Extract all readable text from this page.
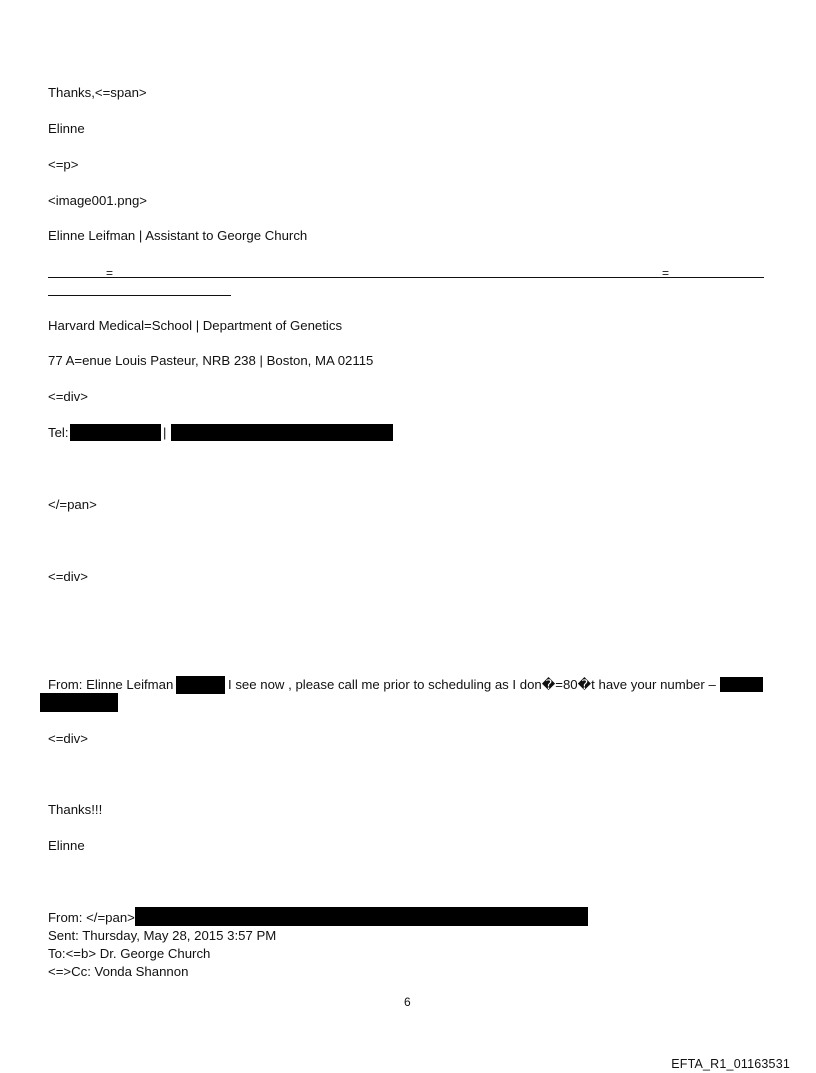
Thanks,<=span>
Elinne
<=p>
<image001.png>
Elinne Leifman | Assistant to George Church
=	=
Harvard Medical=School | Department of Genetics
77 A=enue Louis Pasteur, NRB 238 | Boston, MA 02115
<=div>
Tel:	|
</=pan>
<=div>
From: Elinne Leifman	I see now , please call me prior to scheduling as I don�=80�t have your number –
<=div>
Thanks!!!
Elinne
From: </=pan>
Sent: Thursday, May 28, 2015 3:57 PM
To:<=b> Dr. George Church
<=>Cc: Vonda Shannon
6
EFTA_R1_01163531
